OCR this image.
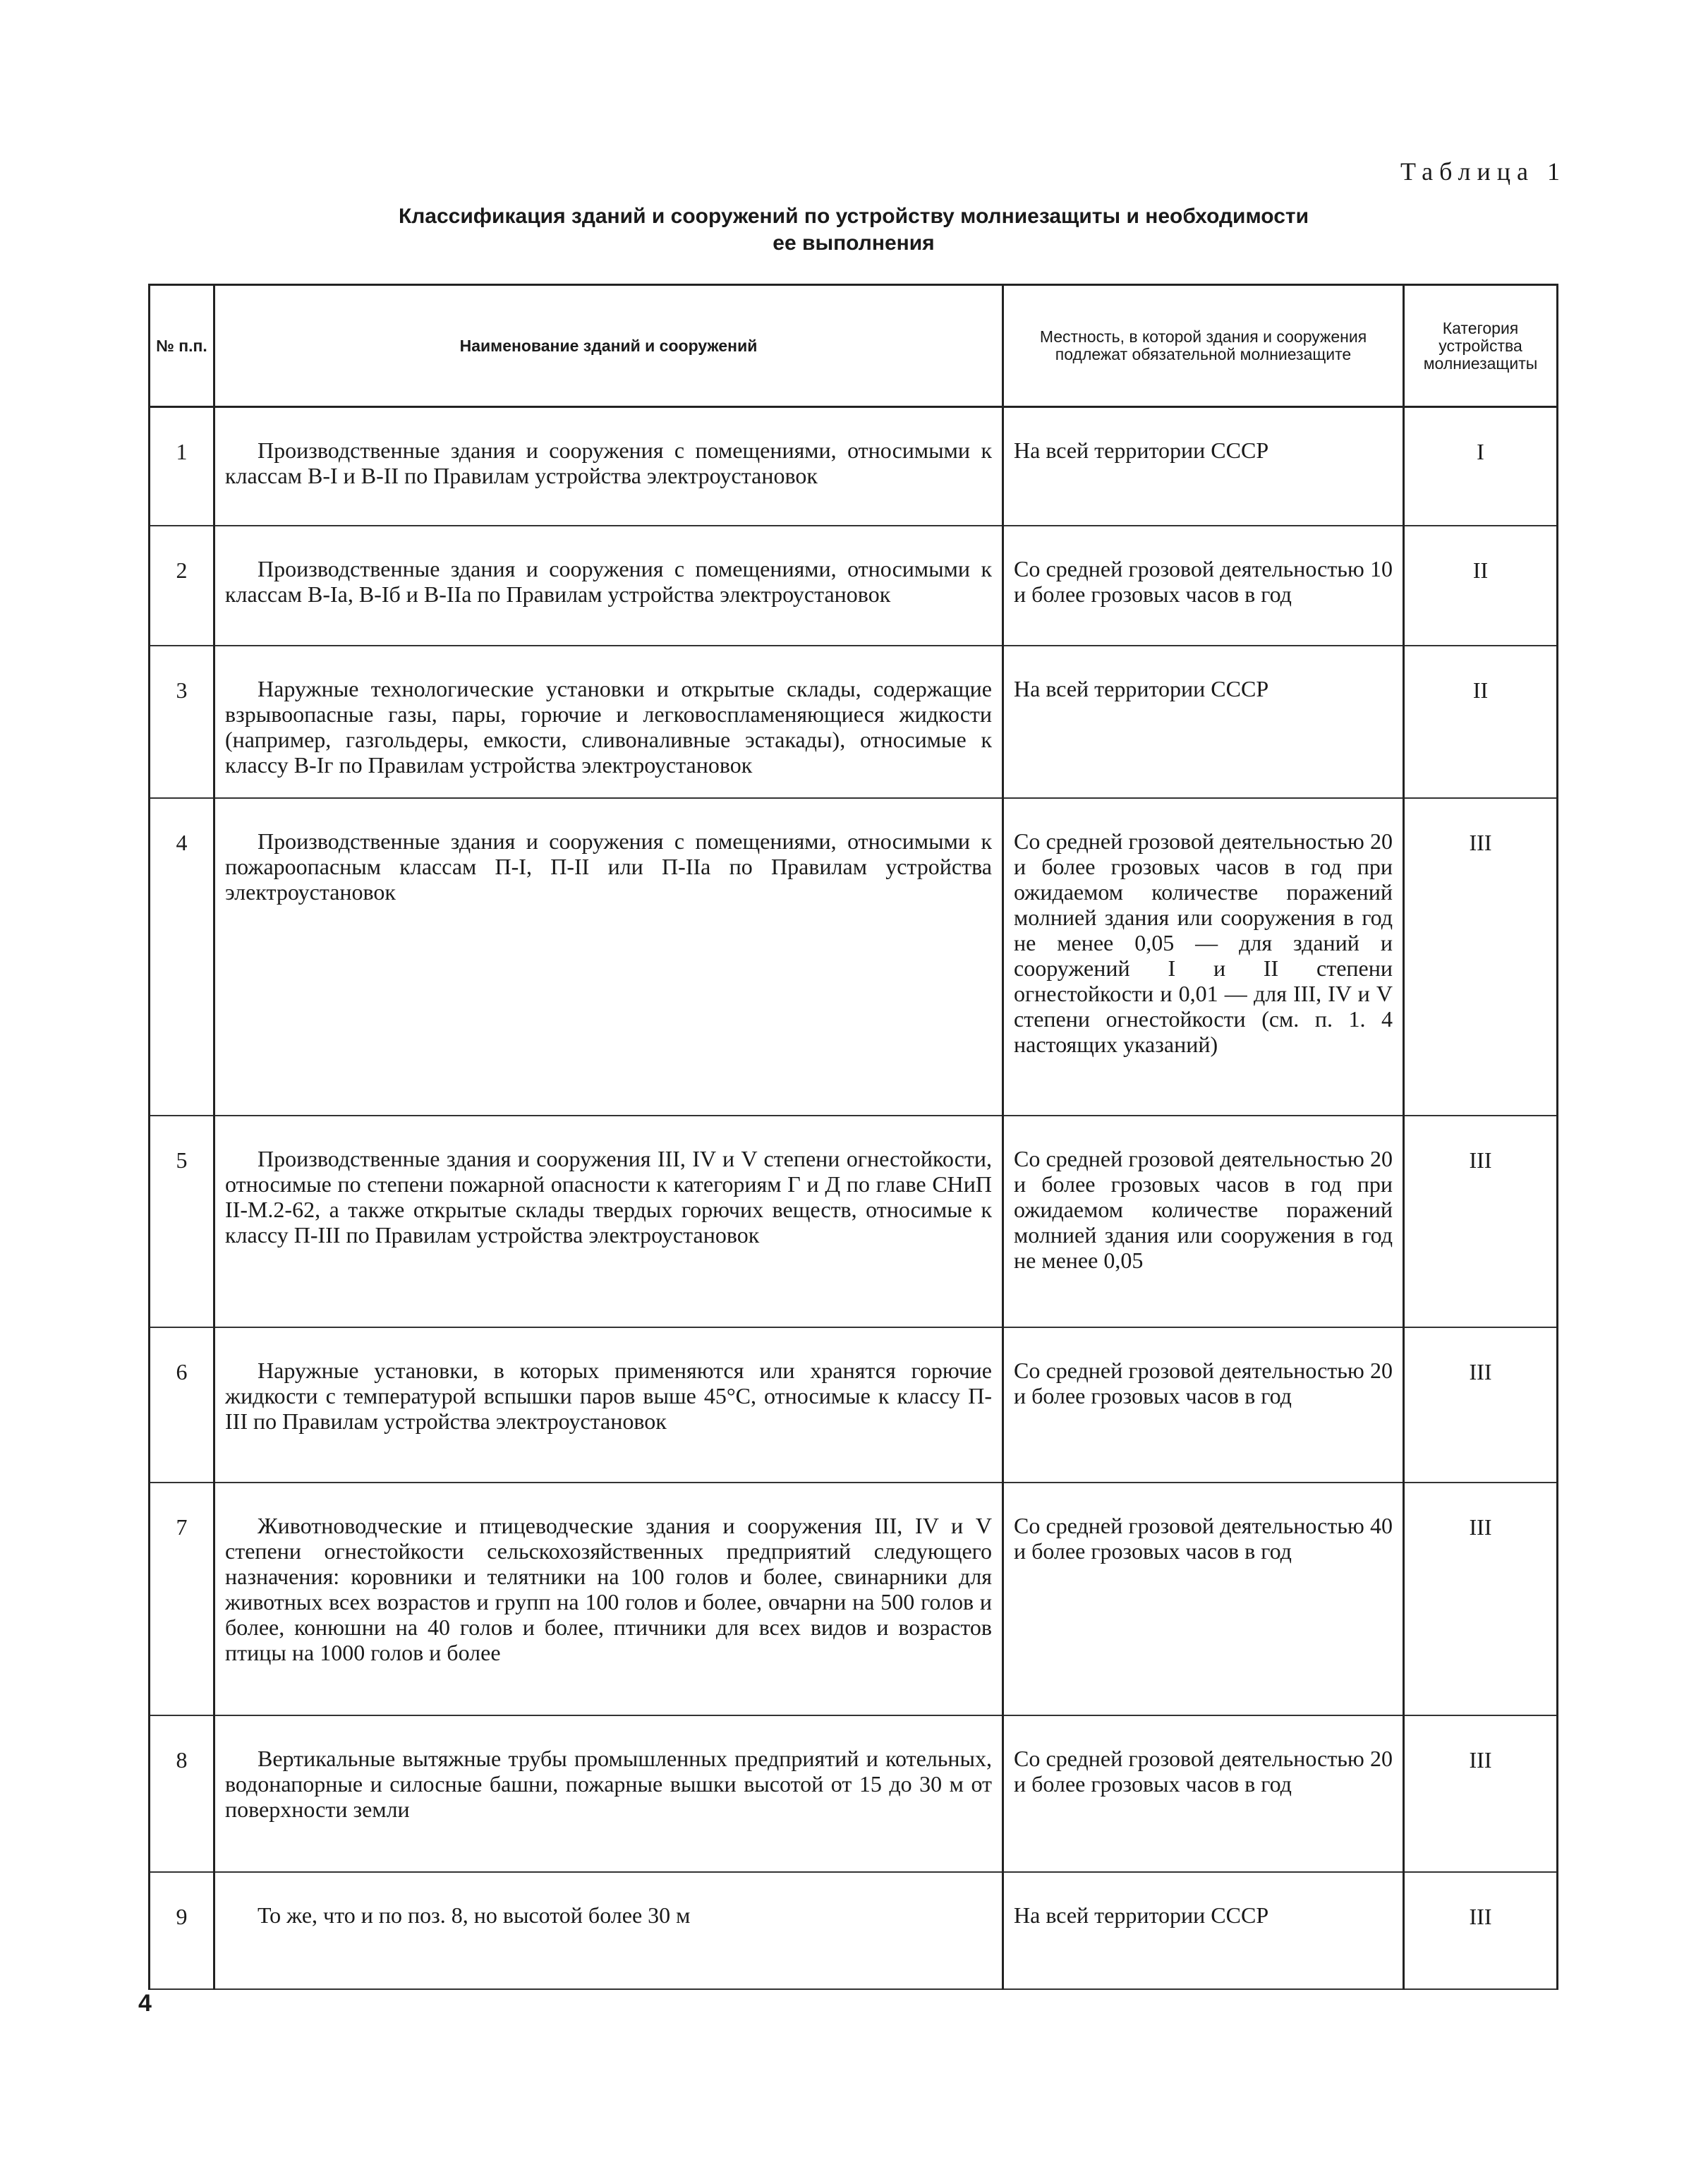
Таблица 1
Классификация зданий и сооружений по устройству молниезащиты и необходимости
ее выполнения
№ п.п.	Наименование зданий и сооружений	Местность, в которой здания и сооружения подлежат обязательной молниезащите	Категория устройства молниезащиты
1	Производственные здания и сооружения с помещениями, относимыми к классам В-I и В-II по Правилам устройства электроустановок	На всей территории СССР	I
2	Производственные здания и сооружения с помещениями, относимыми к классам В-Iа, В-Iб и В-IIа по Правилам устройства электроустановок	Со средней грозовой деятельностью 10 и более грозовых часов в год	II
3	Наружные технологические установки и открытые склады, содержащие взрывоопасные газы, пары, горючие и легковоспламеняющиеся жидкости (например, газгольдеры, емкости, сливоналивные эстакады), относимые к классу В-Iг по Правилам устройства электроустановок	На всей территории СССР	II
4	Производственные здания и сооружения с помещениями, относимыми к пожароопасным классам П-I, П-II или П-IIа по Правилам устройства электроустановок	Со средней грозовой деятельностью 20 и более грозовых часов в год при ожидаемом количестве поражений молнией здания или сооружения в год не менее 0,05 — для зданий и сооружений I и II степени огнестойкости и 0,01 — для III, IV и V степени огнестойкости (см. п. 1. 4 настоящих указаний)	III
5	Производственные здания и сооружения III, IV и V степени огнестойкости, относимые по степени пожарной опасности к категориям Г и Д по главе СНиП II-М.2-62, а также открытые склады твердых горючих веществ, относимые к классу П-III по Правилам устройства электроустановок	Со средней грозовой деятельностью 20 и более грозовых часов в год при ожидаемом количестве поражений молнией здания или сооружения в год не менее 0,05	III
6	Наружные установки, в которых применяются или хранятся горючие жидкости с температурой вспышки паров выше 45°С, относимые к классу П-III по Правилам устройства электроустановок	Со средней грозовой деятельностью 20 и более грозовых часов в год	III
7	Животноводческие и птицеводческие здания и сооружения III, IV и V степени огнестойкости сельскохозяйственных предприятий следующего назначения: коровники и телятники на 100 голов и более, свинарники для животных всех возрастов и групп на 100 голов и более, овчарни на 500 голов и более, конюшни на 40 голов и более, птичники для всех видов и возрастов птицы на 1000 голов и более	Со средней грозовой деятельностью 40 и более грозовых часов в год	III
8	Вертикальные вытяжные трубы промышленных предприятий и котельных, водонапорные и силосные башни, пожарные вышки высотой от 15 до 30 м от поверхности земли	Со средней грозовой деятельностью 20 и более грозовых часов в год	III
9	То же, что и по поз. 8, но высотой более 30 м	На всей территории СССР	III
4
